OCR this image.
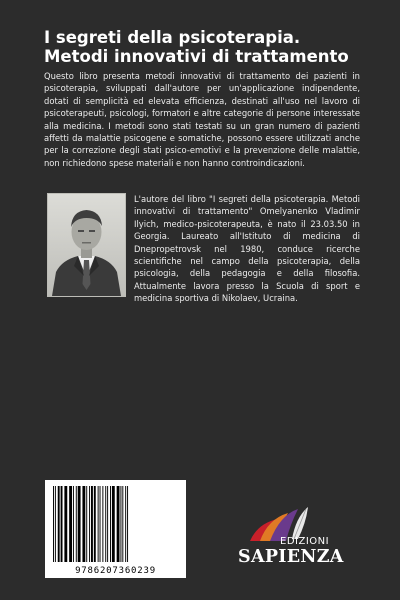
I segreti della psicoterapia.
Metodi innovativi di trattamento
Questo libro presenta metodi innovativi di trattamento dei pazienti in psicoterapia, sviluppati dall'autore per un'applicazione indipendente, dotati di semplicità ed elevata efficienza, destinati all'uso nel lavoro di psicoterapeuti, psicologi, formatori e altre categorie di persone interessate alla medicina. I metodi sono stati testati su un gran numero di pazienti affetti da malattie psicogene e somatiche, possono essere utilizzati anche per la correzione degli stati psico-emotivi e la prevenzione delle malattie, non richiedono spese materiali e non hanno controindicazioni.
L'autore del libro "I segreti della psicoterapia. Metodi innovativi di trattamento" Omelyanenko Vladimir Ilyich, medico-psicoterapeuta, è nato il 23.03.50 in Georgia. Laureato all'Istituto di medicina di Dnepropetrovsk nel 1980, conduce ricerche scientifiche nel campo della psicoterapia, della psicologia, della pedagogia e della filosofia. Attualmente lavora presso la Scuola di sport e medicina sportiva di Nikolaev, Ucraina.
9786207360239
EDIZIONI
SAPIENZA
